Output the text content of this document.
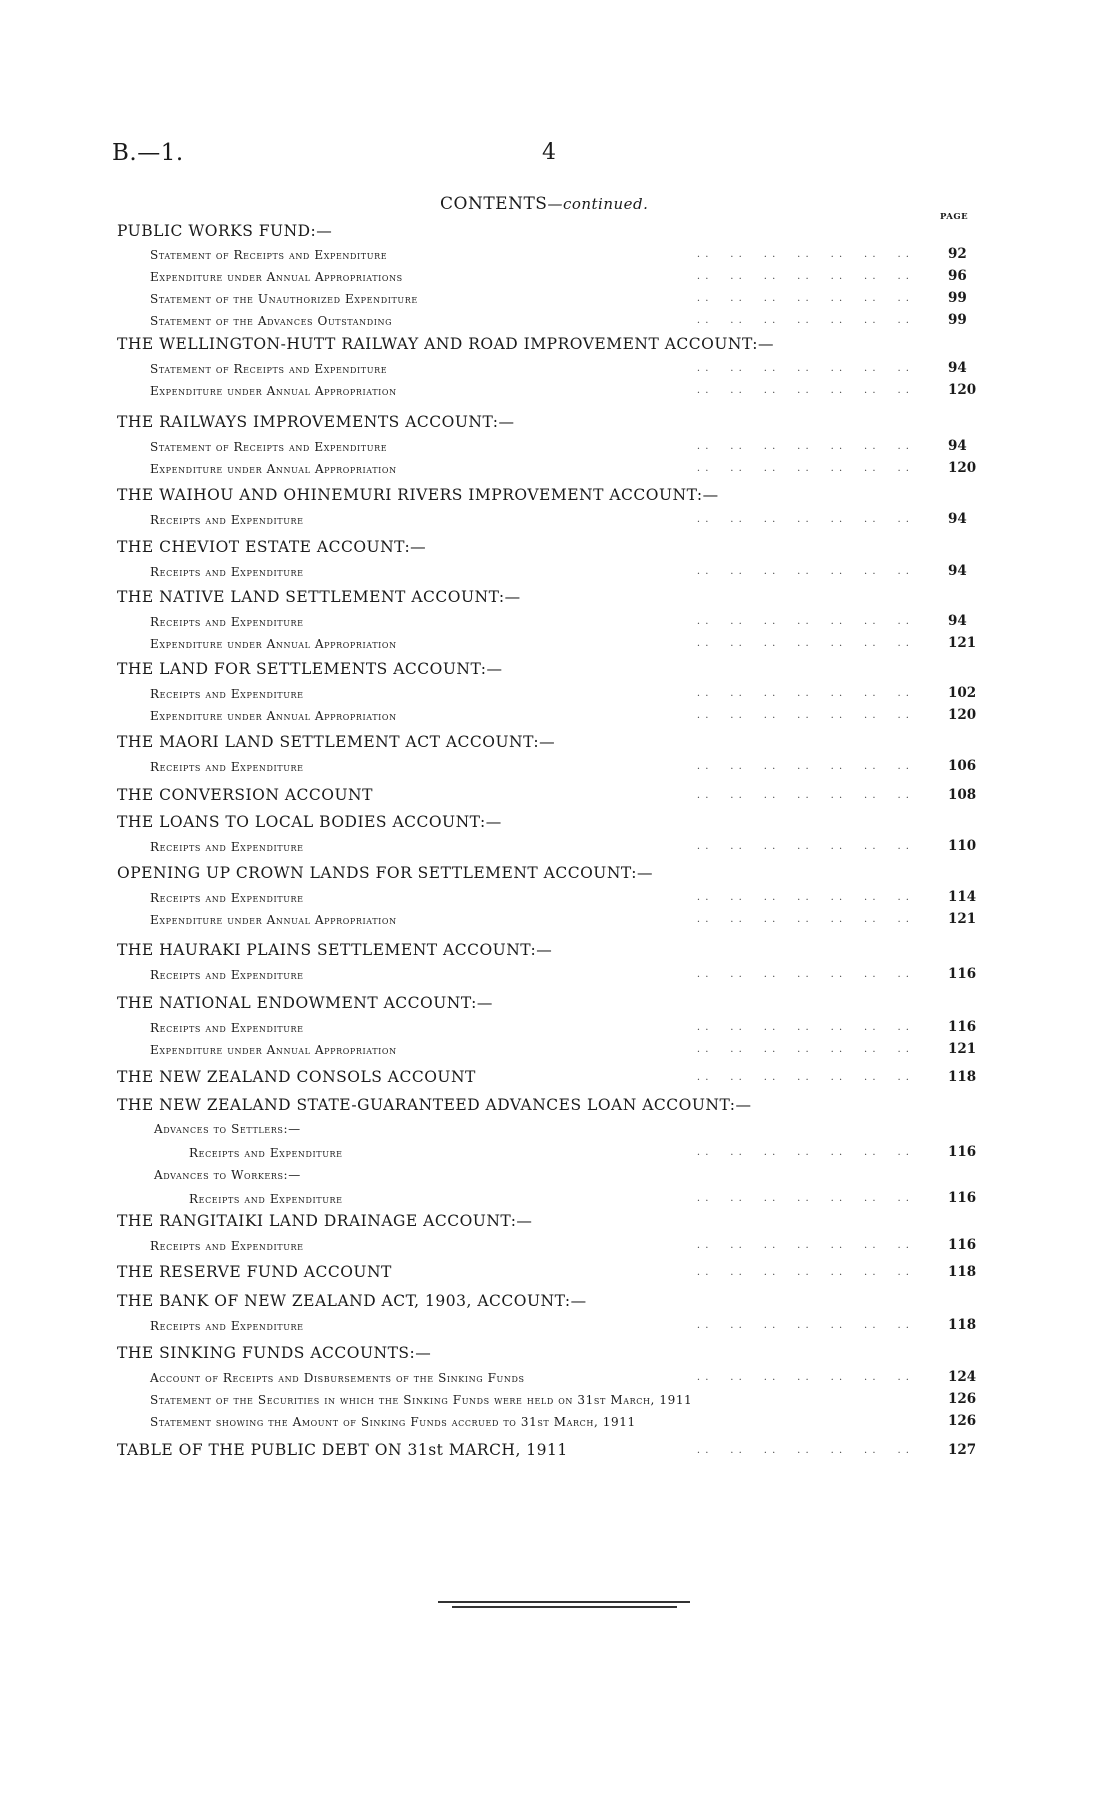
B.—1.	4
CONTENTS—continued.
PAGE
PUBLIC WORKS FUND:—
Statement of Receipts and Expenditure . .	92
Expenditure under Annual Appropriations . .	96
Statement of the Unauthorized Expenditure . .	99
Statement of the Advances Outstanding . .	99
THE WELLINGTON-HUTT RAILWAY AND ROAD IMPROVEMENT ACCOUNT:—
Statement of Receipts and Expenditure . .	94
Expenditure under Annual Appropriation . .	120
THE RAILWAYS IMPROVEMENTS ACCOUNT:—
Statement of Receipts and Expenditure . .	94
Expenditure under Annual Appropriation . .	120
THE WAIHOU AND OHINEMURI RIVERS IMPROVEMENT ACCOUNT:—
Receipts and Expenditure . .	94
THE CHEVIOT ESTATE ACCOUNT:—
Receipts and Expenditure . .	94
THE NATIVE LAND SETTLEMENT ACCOUNT:—
Receipts and Expenditure . .	94
Expenditure under Annual Appropriation . .	121
THE LAND FOR SETTLEMENTS ACCOUNT:—
Receipts and Expenditure . .	102
Expenditure under Annual Appropriation . .	120
THE MAORI LAND SETTLEMENT ACT ACCOUNT:—
Receipts and Expenditure . .	106
THE CONVERSION ACCOUNT . .	108
THE LOANS TO LOCAL BODIES ACCOUNT:—
Receipts and Expenditure . .	110
OPENING UP CROWN LANDS FOR SETTLEMENT ACCOUNT:—
Receipts and Expenditure . .	114
Expenditure under Annual Appropriation . .	121
THE HAURAKI PLAINS SETTLEMENT ACCOUNT:—
Receipts and Expenditure . .	116
THE NATIONAL ENDOWMENT ACCOUNT:—
Receipts and Expenditure . .	116
Expenditure under Annual Appropriation . .	121
THE NEW ZEALAND CONSOLS ACCOUNT . .	118
THE NEW ZEALAND STATE-GUARANTEED ADVANCES LOAN ACCOUNT:—
Advances to Settlers:—
Receipts and Expenditure . .	116
Advances to Workers:—
Receipts and Expenditure . .	116
THE RANGITAIKI LAND DRAINAGE ACCOUNT:—
Receipts and Expenditure . .	116
THE RESERVE FUND ACCOUNT . .	118
THE BANK OF NEW ZEALAND ACT, 1903, ACCOUNT:—
Receipts and Expenditure . .	118
THE SINKING FUNDS ACCOUNTS:—
Account of Receipts and Disbursements of the Sinking Funds . .	124
Statement of the Securities in which the Sinking Funds were held on 31st March, 1911	126
Statement showing the Amount of Sinking Funds accrued to 31st March, 1911	126
TABLE OF THE PUBLIC DEBT ON 31st MARCH, 1911 . .	127
